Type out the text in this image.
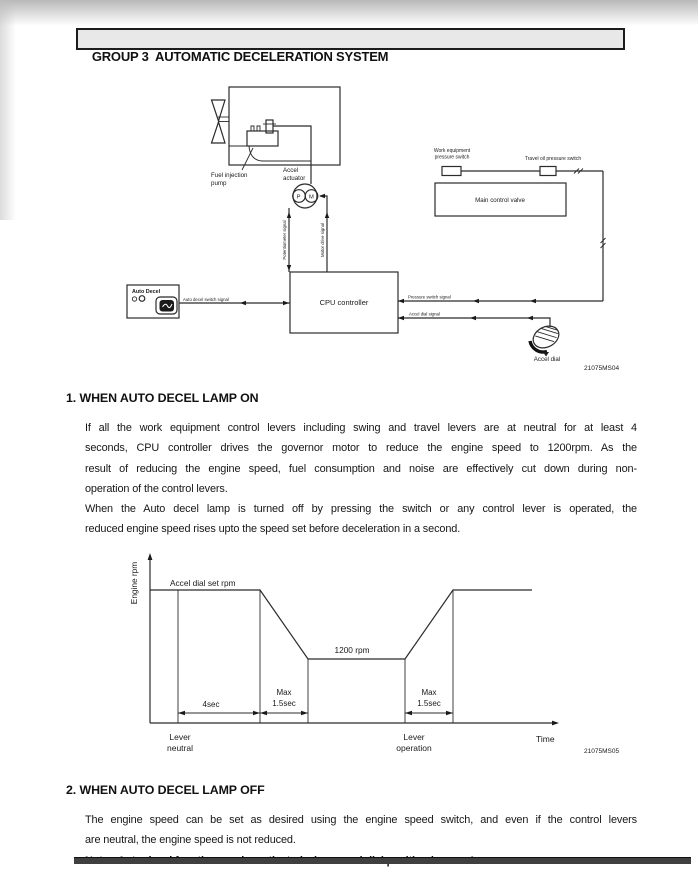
GROUP 3  AUTOMATIC DECELERATION SYSTEM

Fuel injection
pump
Accel
actuator
P M
Potentiometer signal	Motor drive signal
CPU controller
Auto Decel
Auto decel switch signal
Work equipment
pressure switch	Travel oil pressure switch
Main control valve
Pressure switch signal
Accel dial signal
Accel dial
21075MS04
1. WHEN AUTO DECEL LAMP ON
If all the work equipment control levers including swing and travel levers are at neutral for at least 4
seconds, CPU controller drives the governor motor to reduce the engine speed to 1200rpm. As the
result of reducing the engine speed, fuel consumption and noise are effectively cut down during non-
operation of the control levers.
When the Auto decel lamp is turned off by pressing the switch or any control lever is operated, the
reduced engine speed rises upto the speed set before deceleration in a second.
Engine rpm
Time
Accel dial set rpm
1200 rpm
4sec
Max
1.5sec
Max
1.5sec
Lever
neutral
Lever
operation	21075MS05
2. WHEN AUTO DECEL LAMP OFF
The engine speed can be set as desired using the engine speed switch, and even if the control levers
are neutral, the engine speed is not reduced.
